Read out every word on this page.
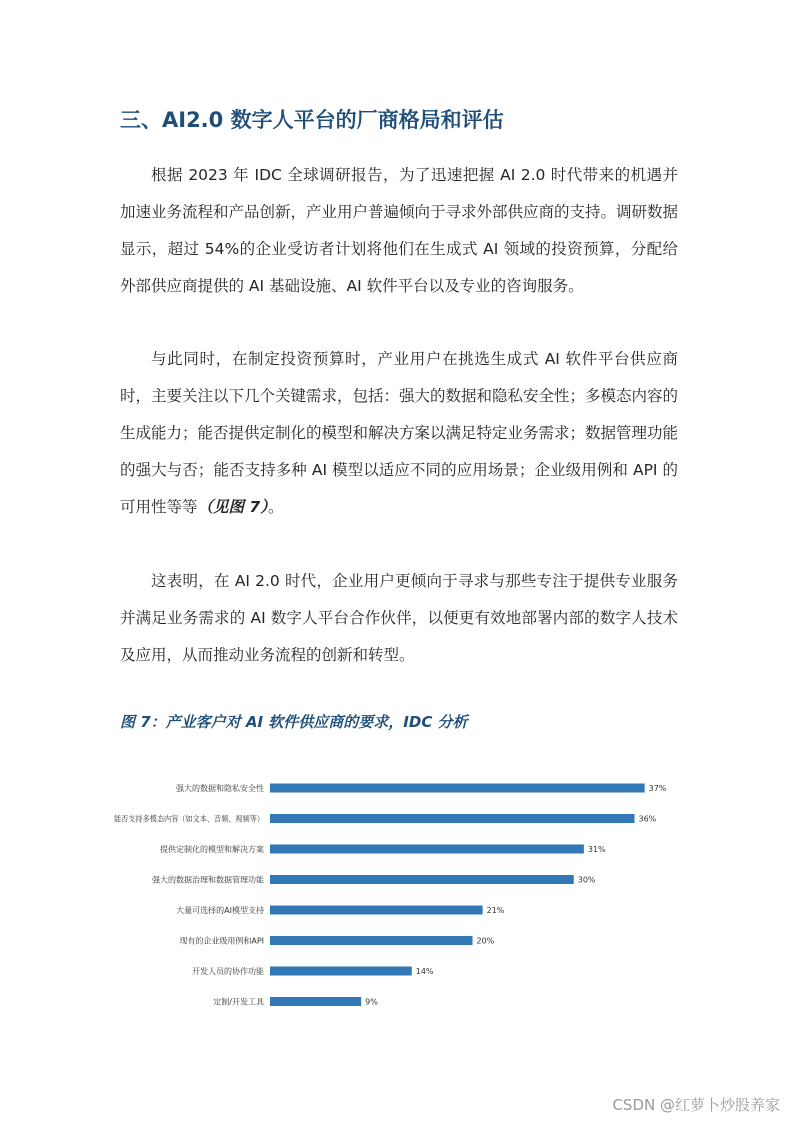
三、AI2.0 数字人平台的厂商格局和评估

根据 2023 年 IDC 全球调研报告，为了迅速把握 AI 2.0 时代带来的机遇并加速业务流程和产品创新，产业用户普遍倾向于寻求外部供应商的支持。调研数据显示，超过 54%的企业受访者计划将他们在生成式 AI 领域的投资预算，分配给外部供应商提供的 AI 基础设施、AI 软件平台以及专业的咨询服务。

与此同时，在制定投资预算时，产业用户在挑选生成式 AI 软件平台供应商时，主要关注以下几个关键需求，包括：强大的数据和隐私安全性；多模态内容的生成能力；能否提供定制化的模型和解决方案以满足特定业务需求；数据管理功能的强大与否；能否支持多种 AI 模型以适应不同的应用场景；企业级用例和 API 的可用性等等（见图 7）。

这表明，在 AI 2.0 时代，企业用户更倾向于寻求与那些专注于提供专业服务并满足业务需求的 AI 数字人平台合作伙伴，以便更有效地部署内部的数字人技术及应用，从而推动业务流程的创新和转型。

图 7：产业客户对 AI 软件供应商的要求，IDC 分析

强大的数据和隐私安全性	37%
能否支持多模态内容（如文本、音频、视频等）	36%
提供定制化的模型和解决方案	31%
强大的数据治理和数据管理功能	30%
大量可选择的AI模型支持	21%
现有的企业级用例和API	20%
开发人员的协作功能	14%
定制/开发工具	9%
CSDN @红萝卜炒股养家
